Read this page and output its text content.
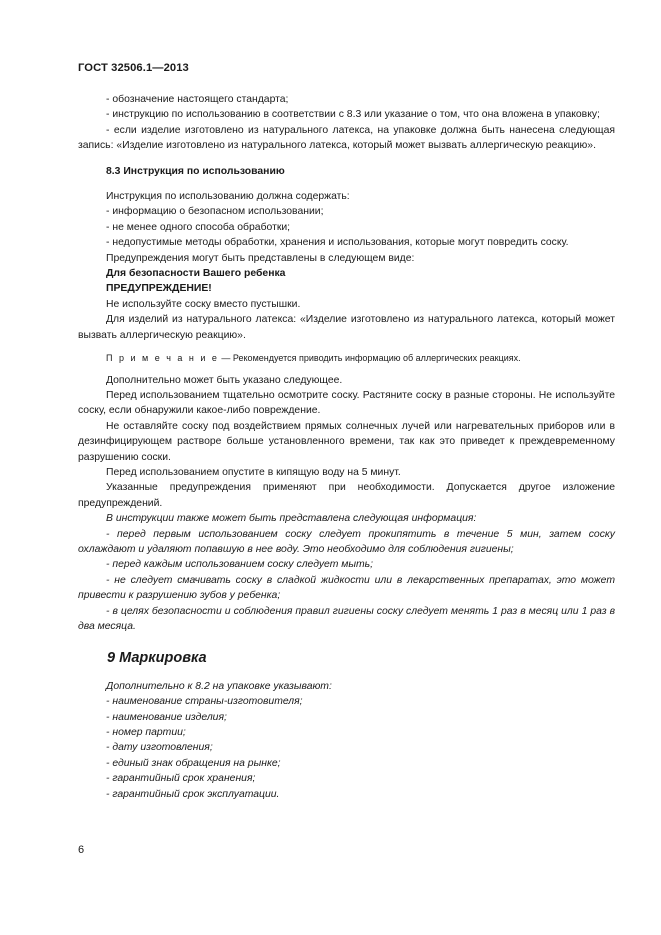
ГОСТ 32506.1—2013

- обозначение настоящего стандарта;

- инструкцию по использованию в соответствии с 8.3 или указание о том, что она вложена в упаковку;

- если изделие изготовлено из натурального латекса, на упаковке должна быть нанесена следующая запись: «Изделие изготовлено из натурального латекса, который может вызвать аллергическую реакцию».

8.3 Инструкция по использованию

Инструкция по использованию должна содержать:

- информацию о безопасном использовании;

- не менее одного способа обработки;

- недопустимые методы обработки, хранения и использования, которые могут повредить соску.

Предупреждения могут быть представлены в следующем виде:

Для безопасности Вашего ребенка

ПРЕДУПРЕЖДЕНИЕ!

Не используйте соску вместо пустышки.

Для изделий из натурального латекса: «Изделие изготовлено из натурального латекса, который может вызвать аллергическую реакцию».

П р и м е ч а н и е — Рекомендуется приводить информацию об аллергических реакциях.

Дополнительно может быть указано следующее.

Перед использованием тщательно осмотрите соску. Растяните соску в разные стороны. Не используйте соску, если обнаружили какое-либо повреждение.

Не оставляйте соску под воздействием прямых солнечных лучей или нагревательных приборов или в дезинфицирующем растворе больше установленного времени, так как это приведет к преждевременному разрушению соски.

Перед использованием опустите в кипящую воду на 5 минут.

Указанные предупреждения применяют при необходимости. Допускается другое изложение предупреждений.

В инструкции также может быть представлена следующая информация:

- перед первым использованием соску следует прокипятить в течение 5 мин, затем соску охлаждают и удаляют попавшую в нее воду. Это необходимо для соблюдения гигиены;

- перед каждым использованием соску следует мыть;

- не следует смачивать соску в сладкой жидкости или в лекарственных препаратах, это может привести к разрушению зубов у ребенка;

- в целях безопасности и соблюдения правил гигиены соску следует менять 1 раз в месяц или 1 раз в два месяца.

9 Маркировка

Дополнительно к 8.2 на упаковке указывают:

- наименование страны-изготовителя;

- наименование изделия;

- номер партии;

- дату изготовления;

- единый знак обращения на рынке;

- гарантийный срок хранения;

- гарантийный срок эксплуатации.

6
